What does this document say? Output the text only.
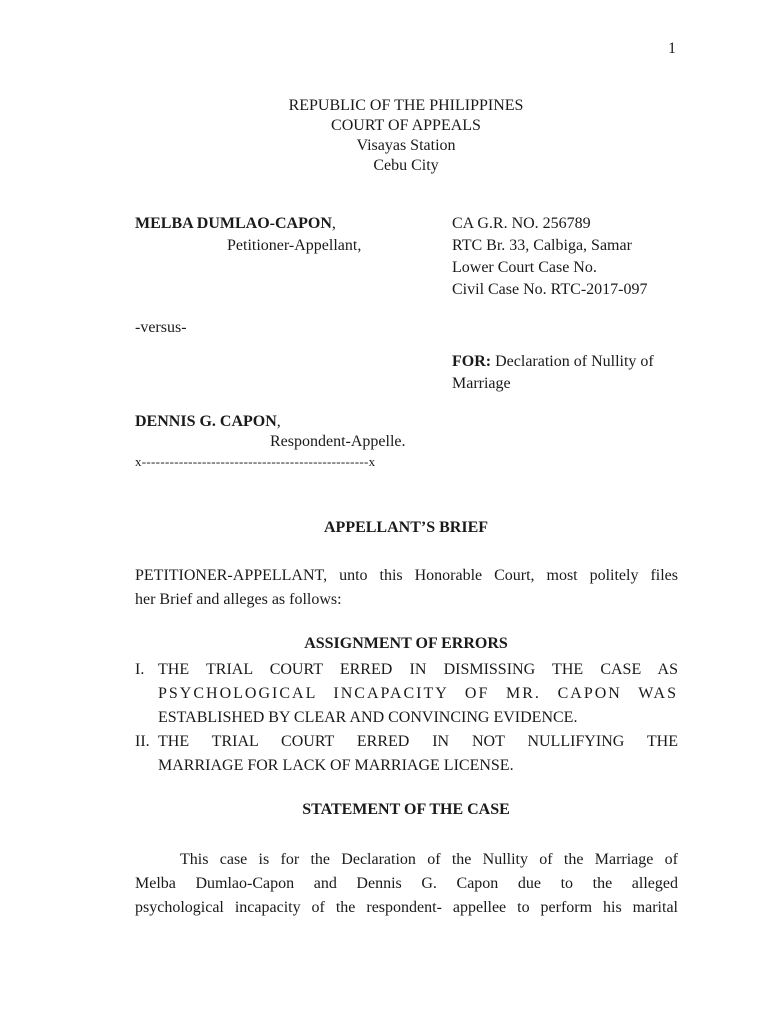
1
REPUBLIC OF THE PHILIPPINES
COURT OF APPEALS
Visayas Station
Cebu City
MELBA DUMLAO-CAPON,
Petitioner-Appellant,
CA G.R. NO. 256789
RTC Br. 33, Calbiga, Samar
Lower Court Case No.
Civil Case No. RTC-2017-097
-versus-
FOR: Declaration of Nullity of
Marriage
DENNIS G. CAPON,
Respondent-Appelle.
x-------------------------------------------------x
APPELLANT’S BRIEF
PETITIONER-APPELLANT, unto this Honorable Court, most politely files
her Brief and alleges as follows:
ASSIGNMENT OF ERRORS
I. THE TRIAL COURT ERRED IN DISMISSING THE CASE AS
PSYCHOLOGICAL INCAPACITY OF MR. CAPON WAS
ESTABLISHED BY CLEAR AND CONVINCING EVIDENCE.
II. THE TRIAL COURT ERRED IN NOT NULLIFYING THE
MARRIAGE FOR LACK OF MARRIAGE LICENSE.
STATEMENT OF THE CASE
This case is for the Declaration of the Nullity of the Marriage of
Melba Dumlao-Capon and Dennis G. Capon due to the alleged
psychological incapacity of the respondent- appellee to perform his marital
